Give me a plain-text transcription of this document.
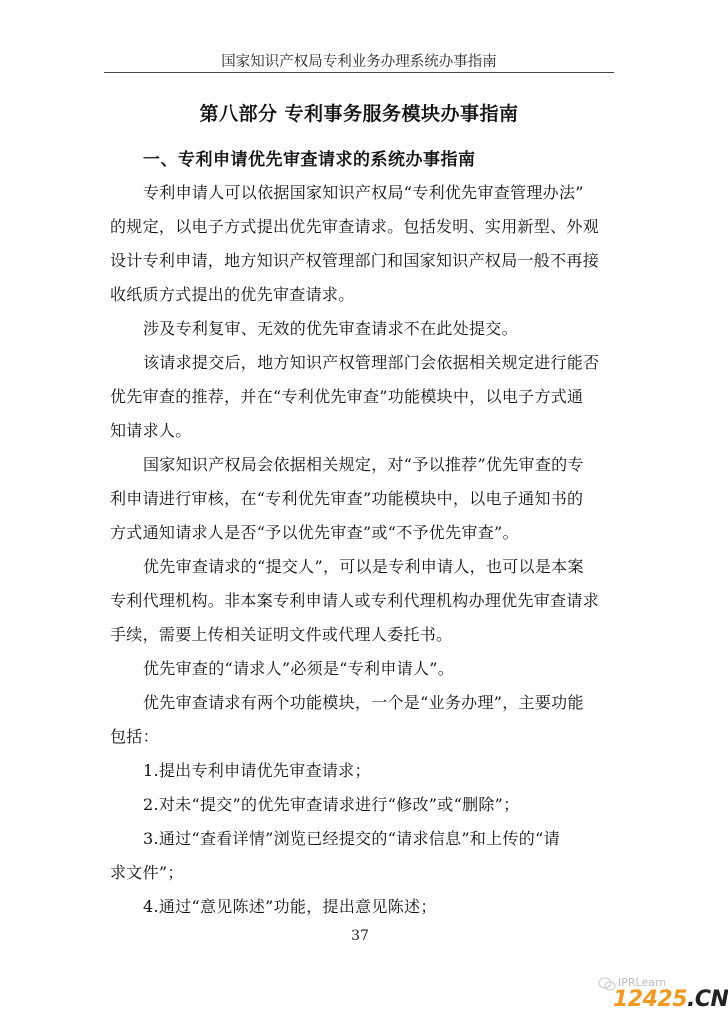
国家知识产权局专利业务办理系统办事指南
第八部分 专利事务服务模块办事指南
一、专利申请优先审查请求的系统办事指南
专利申请人可以依据国家知识产权局“专利优先审查管理办法”
的规定，以电子方式提出优先审查请求。包括发明、实用新型、外观
设计专利申请，地方知识产权管理部门和国家知识产权局一般不再接
收纸质方式提出的优先审查请求。
涉及专利复审、无效的优先审查请求不在此处提交。
该请求提交后，地方知识产权管理部门会依据相关规定进行能否
优先审查的推荐，并在“专利优先审查”功能模块中，以电子方式通
知请求人。
国家知识产权局会依据相关规定，对“予以推荐”优先审查的专
利申请进行审核，在“专利优先审查”功能模块中，以电子通知书的
方式通知请求人是否“予以优先审查”或“不予优先审查”。
优先审查请求的“提交人”，可以是专利申请人，也可以是本案
专利代理机构。非本案专利申请人或专利代理机构办理优先审查请求
手续，需要上传相关证明文件或代理人委托书。
优先审查的“请求人”必须是“专利申请人”。
优先审查请求有两个功能模块，一个是“业务办理”，主要功能
包括：
1.提出专利申请优先审查请求；
2.对未“提交”的优先审查请求进行“修改”或“删除”；
3.通过“查看详情”浏览已经提交的“请求信息”和上传的“请
求文件”；
4.通过“意见陈述”功能，提出意见陈述；
37
IPRLearn
12425.CN
